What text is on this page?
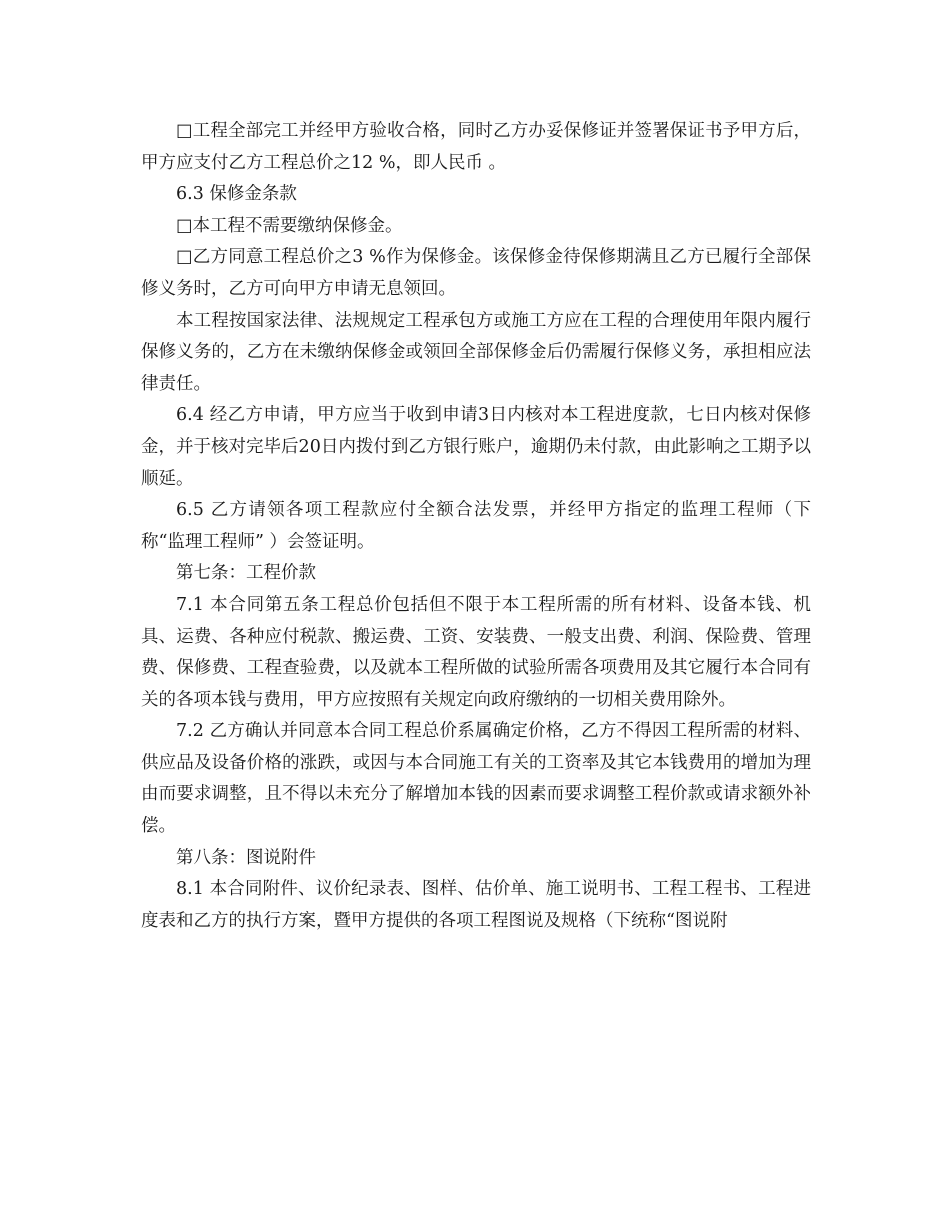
□工程全部完工并经甲方验收合格，同时乙方办妥保修证并签署保证书予甲方后，甲方应支付乙方工程总价之12 %，即人民币 。

6.3 保修金条款

□本工程不需要缴纳保修金。

□乙方同意工程总价之3 %作为保修金。该保修金待保修期满且乙方已履行全部保修义务时，乙方可向甲方申请无息领回。

本工程按国家法律、法规规定工程承包方或施工方应在工程的合理使用年限内履行保修义务的，乙方在未缴纳保修金或领回全部保修金后仍需履行保修义务，承担相应法律责任。

6.4 经乙方申请，甲方应当于收到申请3日内核对本工程进度款，七日内核对保修金，并于核对完毕后20日内拨付到乙方银行账户，逾期仍未付款，由此影响之工期予以顺延。

6.5 乙方请领各项工程款应付全额合法发票，并经甲方指定的监理工程师（下称“监理工程师” ）会签证明。

第七条：工程价款

7.1 本合同第五条工程总价包括但不限于本工程所需的所有材料、设备本钱、机具、运费、各种应付税款、搬运费、工资、安装费、一般支出费、利润、保险费、管理费、保修费、工程查验费，以及就本工程所做的试验所需各项费用及其它履行本合同有关的各项本钱与费用，甲方应按照有关规定向政府缴纳的一切相关费用除外。

7.2 乙方确认并同意本合同工程总价系属确定价格，乙方不得因工程所需的材料、供应品及设备价格的涨跌，或因与本合同施工有关的工资率及其它本钱费用的增加为理由而要求调整，且不得以未充分了解增加本钱的因素而要求调整工程价款或请求额外补偿。

第八条：图说附件

8.1 本合同附件、议价纪录表、图样、估价单、施工说明书、工程工程书、工程进度表和乙方的执行方案，暨甲方提供的各项工程图说及规格（下统称“图说附
